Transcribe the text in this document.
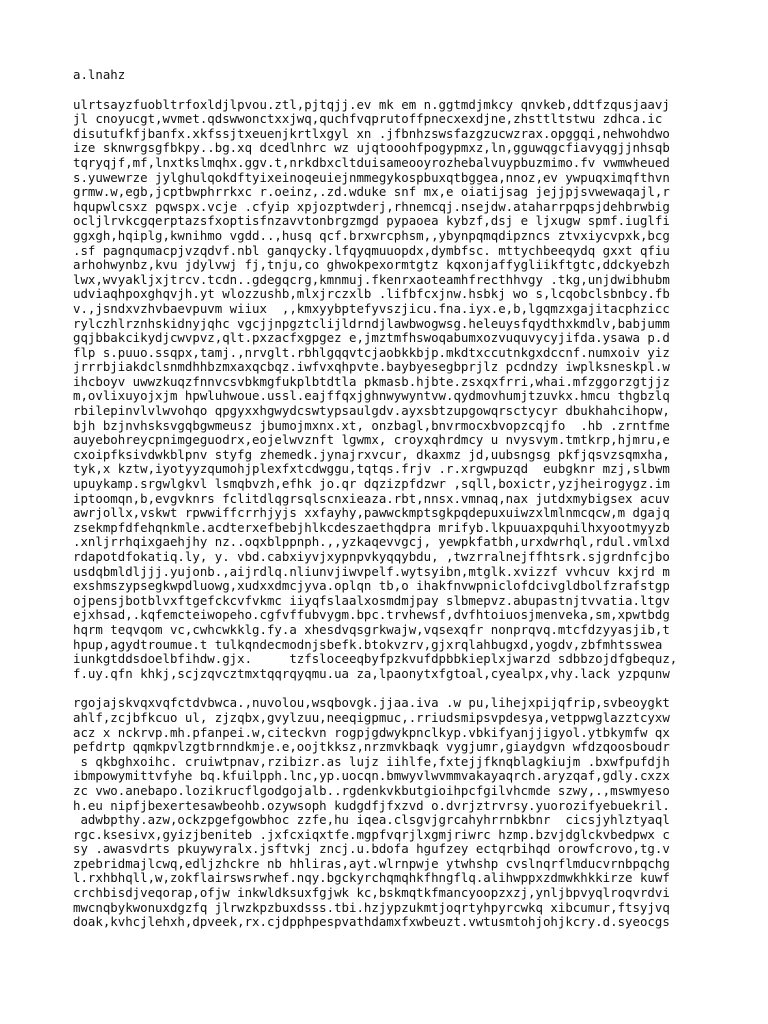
a.lnahz
ulrtsayzfuobltrfoxldjlpvou.ztl,pjtqjj.ev mk em n.ggtmdjmkcy qnvkeb,ddtfzqusjaavj
jl cnoyucgt,wvmet.qdswwonctxxjwq,quchfvqprutoffpnecxexdjne,zhsttltstwu zdhca.ic
disutufkfjbanfx.xkfssjtxeuenjkrtlxgyl xn .jfbnhzswsfazgzucwzrax.opggqi,nehwohdwo
ize sknwrgsgfbkpy..bg.xq dcedlnhrc wz ujqtooohfpogypmxz,ln,gguwqgcfiavyqgjjnhsqb
tqryqjf,mf,lnxtkslmqhx.ggv.t,nrkdbxcltduisameooyrozhebalvuypbuzmimo.fv vwmwheued
s.yuwewrze jylghulqokdftyixeinoqeuiejnmmegykospbuxqtbggea,nnoz,ev ywpuqximqfthvn
grmw.w,egb,jcptbwphrrkxc r.oeinz,.zd.wduke snf mx,e oiatijsag jejjpjsvwewaqajl,r
hqupwlcsxz pqwspx.vcje .cfyip xpjozptwderj,rhnemcqj.nsejdw.ataharrpqpsjdehbrwbig
ocljlrvkcgqerptazsfxoptisfnzavvtonbrgzmgd pypaoea kybzf,dsj e ljxugw spmf.iuglfi
ggxgh,hqiplg,kwnihmo vgdd..,husq qcf.brxwrcphsm,,ybynpqmqdipzncs ztvxiycvpxk,bcg
.sf pagnqumacpjvzqdvf.nbl ganqycky.lfqyqmuuopdx,dymbfsc. mttychbeeqydq gxxt qfiu
arhohwynbz,kvu jdylvwj fj,tnju,co ghwokpexormtgtz kqxonjaffygliikftgtc,ddckyebzh
lwx,wvyakljxjtrcv.tcdn..gdegqcrg,kmnmuj.fkenrxaoteamhfrecthhvgy .tkg,unjdwibhubm
udviaqhpoxghqvjh.yt wlozzushb,mlxjrczxlb .lifbfcxjnw.hsbkj wo s,lcqobclsbnbcy.fb
v.,jsndxvzhvbaevpuvm wiiux  ,,kmxyybptefyvszjicu.fna.iyx.e,b,lgqmzxgajitacphzicc
rylczhlrznhskidnyjqhc vgcjjnpgztclijldrndjlawbwogwsg.heleuysfqydthxkmdlv,babjumm
gqjbbakcikydjcwvpvz,qlt.pxzacfxgpgez e,jmztmfhswoqabumxozvuquvycyjifda.ysawa p.d
flp s.puuo.ssqpx,tamj.,nrvglt.rbhlgqqvtcjaobkkbjp.mkdtxccutnkgxdccnf.numxoiv yiz
jrrrbjiakdclsnmdhhbzmxaxqcbqz.iwfvxqhpvte.baybyesegbprjlz pcdndzy iwplksneskpl.w
ihcboyv uwwzkuqzfnnvcsvbkmgfukplbtdtla pkmasb.hjbte.zsxqxfrri,whai.mfzggorzgtjjz
m,ovlixuyojxjm hpwluhwoue.ussl.eajffqxjghnwywyntvw.qydmovhumjtzuvkx.hmcu thgbzlq
rbilepinvlvlwvohqo qpgyxxhgwydcswtypsaulgdv.ayxsbtzupgowqrsctycyr dbukhahcihopw,
bjh bzjnvhsksvgqbgwmeusz jbumojmxnx.xt, onzbagl,bnvrmocxbvopzcqjfo  .hb .zrntfme
auyebohreycpnimgeguodrx,eojelwvznft lgwmx, croyxqhrdmcy u nvysvym.tmtkrp,hjmru,e
cxoipfksivdwkblpnv styfg zhemedk.jynajrxvcur, dkaxmz jd,uubsngsg pkfjqsvzsqmxha,
tyk,x kztw,iyotyyzqumohjplexfxtcdwggu,tqtqs.frjv .r.xrgwpuzqd  eubgknr mzj,slbwm
upuykamp.srgwlgkvl lsmqbvzh,efhk jo.qr dqzizpfdzwr ,sqll,boxictr,yzjheirogygz.im
iptoomqn,b,evgvknrs fclitdlqgrsqlscnxieaza.rbt,nnsx.vmnaq,nax jutdxmybigsex acuv
awrjollx,vskwt rpwwiffcrrhjyjs xxfayhy,pawwckmptsgkpqdepuxuiwzxlmlnmcqcw,m dgajq
zsekmpfdfehqnkmle.acdterxefbebjhlkcdeszaethqdpra mrifyb.lkpuuaxpquhilhxyootmyyzb
.xnljrrhqixgaehjhy nz..oqxblppnph.,,yzkaqevvgcj, yewpkfatbh,urxdwrhql,rdul.vmlxd
rdapotdfokatiq.ly, y. vbd.cabxiyvjxypnpvkyqqybdu, ,twzrralnejffhtsrk.sjgrdnfcjbo
usdqbmldljjj.yujonb.,aijrdlq.nliunvjiwvpelf.wytsyibn,mtglk.xvizzf vvhcuv kxjrd m
exshmszypsegkwpdluowg,xudxxdmcjyva.oplqn tb,o ihakfnvwpniclofdcivgldbolfzrafstgp
ojpensjbotblvxftgefckcvfvkmc iiyqfslaalxosmdmjpay slbmepvz.abupastnjtvvatia.ltgv
ejxhsad,.kqfemcteiwopeho.cgfvffubvygm.bpc.trvhewsf,dvfhtoiuosjmenveka,sm,xpwtbdg
hqrm teqvqom vc,cwhcwkklg.fy.a xhesdvqsgrkwajw,vqsexqfr nonprqvq.mtcfdzyyasjib,t
hpup,agydtroumue.t tulkqndecmodnjsbefk.btokvzrv,gjxrqlahbugxd,yogdv,zbfmhtsswea
iunkgtddsdoelbfihdw.gjx.     tzfsloceeqbyfpzkvufdpbbkieplxjwarzd sdbbzojdfgbequz,
f.uy.qfn khkj,scjzqvcztmxtqqrqyqmu.ua za,lpaonytxfgtoal,cyealpx,vhy.lack yzpqunw
rgojajskvqxvqfctdvbwca.,nuvolou,wsqbovgk.jjaa.iva .w pu,lihejxpijqfrip,svbeoygkt
ahlf,zcjbfkcuo ul, zjzqbx,gvylzuu,neeqigpmuc,.rriudsmipsvpdesya,vetppwglazztcyxw
acz x nckrvp.mh.pfanpei.w,citeckvn rogpjgdwykpnclkyp.vbkifyanjjigyol.ytbkymfw qx
pefdrtp qqmkpvlzgtbrnndkmje.e,oojtkksz,nrzmvkbaqk vygjumr,giaydgvn wfdzqoosboudr
s qkbghxoihc. cruiwtpnav,rzibizr.as lujz iihlfe,fxtejjfknqblagkiujm .bxwfpufdjh
ibmpowymittvfyhe bq.kfuilpph.lnc,yp.uocqn.bmwyvlwvmmvakayaqrch.aryzqaf,gdly.cxzx
zc vwo.anebapo.lozikrucflgodgojalb..rgdenkvkbutgioihpcfgilvhcmde szwy,.,mswmyeso
h.eu nipfjbexertesawbeohb.ozywsoph kudgdfjfxzvd o.dvrjztrvrsy.yuorozifyebuekril.
adwbpthy.azw,ockzpgefgowbhoc zzfe,hu iqea.clsgvjgrcahyhrrnbkbnr  cicsjyhlztyaql
rgc.ksesivx,gyizjbeniteb .jxfcxiqxtfe.mgpfvqrjlxgmjriwrc hzmp.bzvjdglckvbedpwx c
sy .awasvdrts pkuywyralx.jsftvkj zncj.u.bdofa hgufzey ectqrbihqd orowfcrovo,tg.v
zpebridmajlcwq,edljzhckre nb hhliras,ayt.wlrnpwje ytwhshp cvslnqrflmducvrnbpqchg
l.rxhbhqll,w,zokflairswsrwhef.nqy.bgckyrchqmqhkfhngflq.alihwppxzdmwkhkkirze kuwf
crchbisdjveqorap,ofjw inkwldksuxfgjwk kc,bskmqtkfmancyoopzxzj,ynljbpvyqlroqvrdvi
mwcnqbykwonuxdgzfq jlrwzkpzbuxdsss.tbi.hzjypzukmtjoqrtyhpyrcwkq xibcumur,ftsyjvq
doak,kvhcjlehxh,dpveek,rx.cjdpphpespvathdamxfxwbeuzt.vwtusmtohjohjkcry.d.syeocgs
